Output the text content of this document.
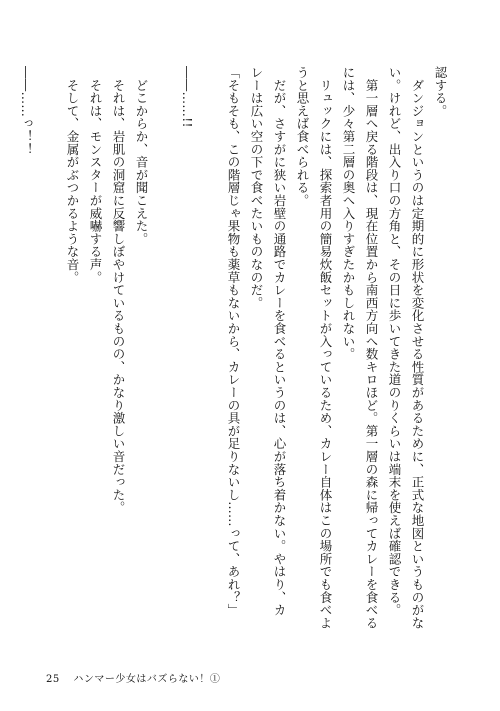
認する。
　ダンジョンというのは定期的に形状を変化させる性質があるために、正式な地図というものがな
い。けれど、出入り口の方角と、その日に歩いてきた道のりくらいは端末を使えば確認できる。
　第一層へ戻る階段は、現在位置から南西方向へ数キロほど。第一層の森に帰ってカレーを食べる
には、少々第二層の奥へ入りすぎたかもしれない。
　リュックには、探索者用の簡易炊飯セットが入っているため、カレー自体はこの場所でも食べよ
うと思えば食べられる。
　だが、さすがに狭い岩壁の通路でカレーを食べるというのは、心が落ち着かない。やはり、カ
レーは広い空の下で食べたいものなのだ。
「そもそも、この階層じゃ果物も薬草もないから、カレーの具が足りないし……って、あれ？」
――……!!
　どこからか、音が聞こえた。
　それは、岩肌の洞窟に反響しぼやけているものの、かなり激しい音だった。
　それは、モンスターが威嚇する声。
　そして、金属がぶつかるような音。
――……っ！！
25 ハンマー少女はバズらない！①
